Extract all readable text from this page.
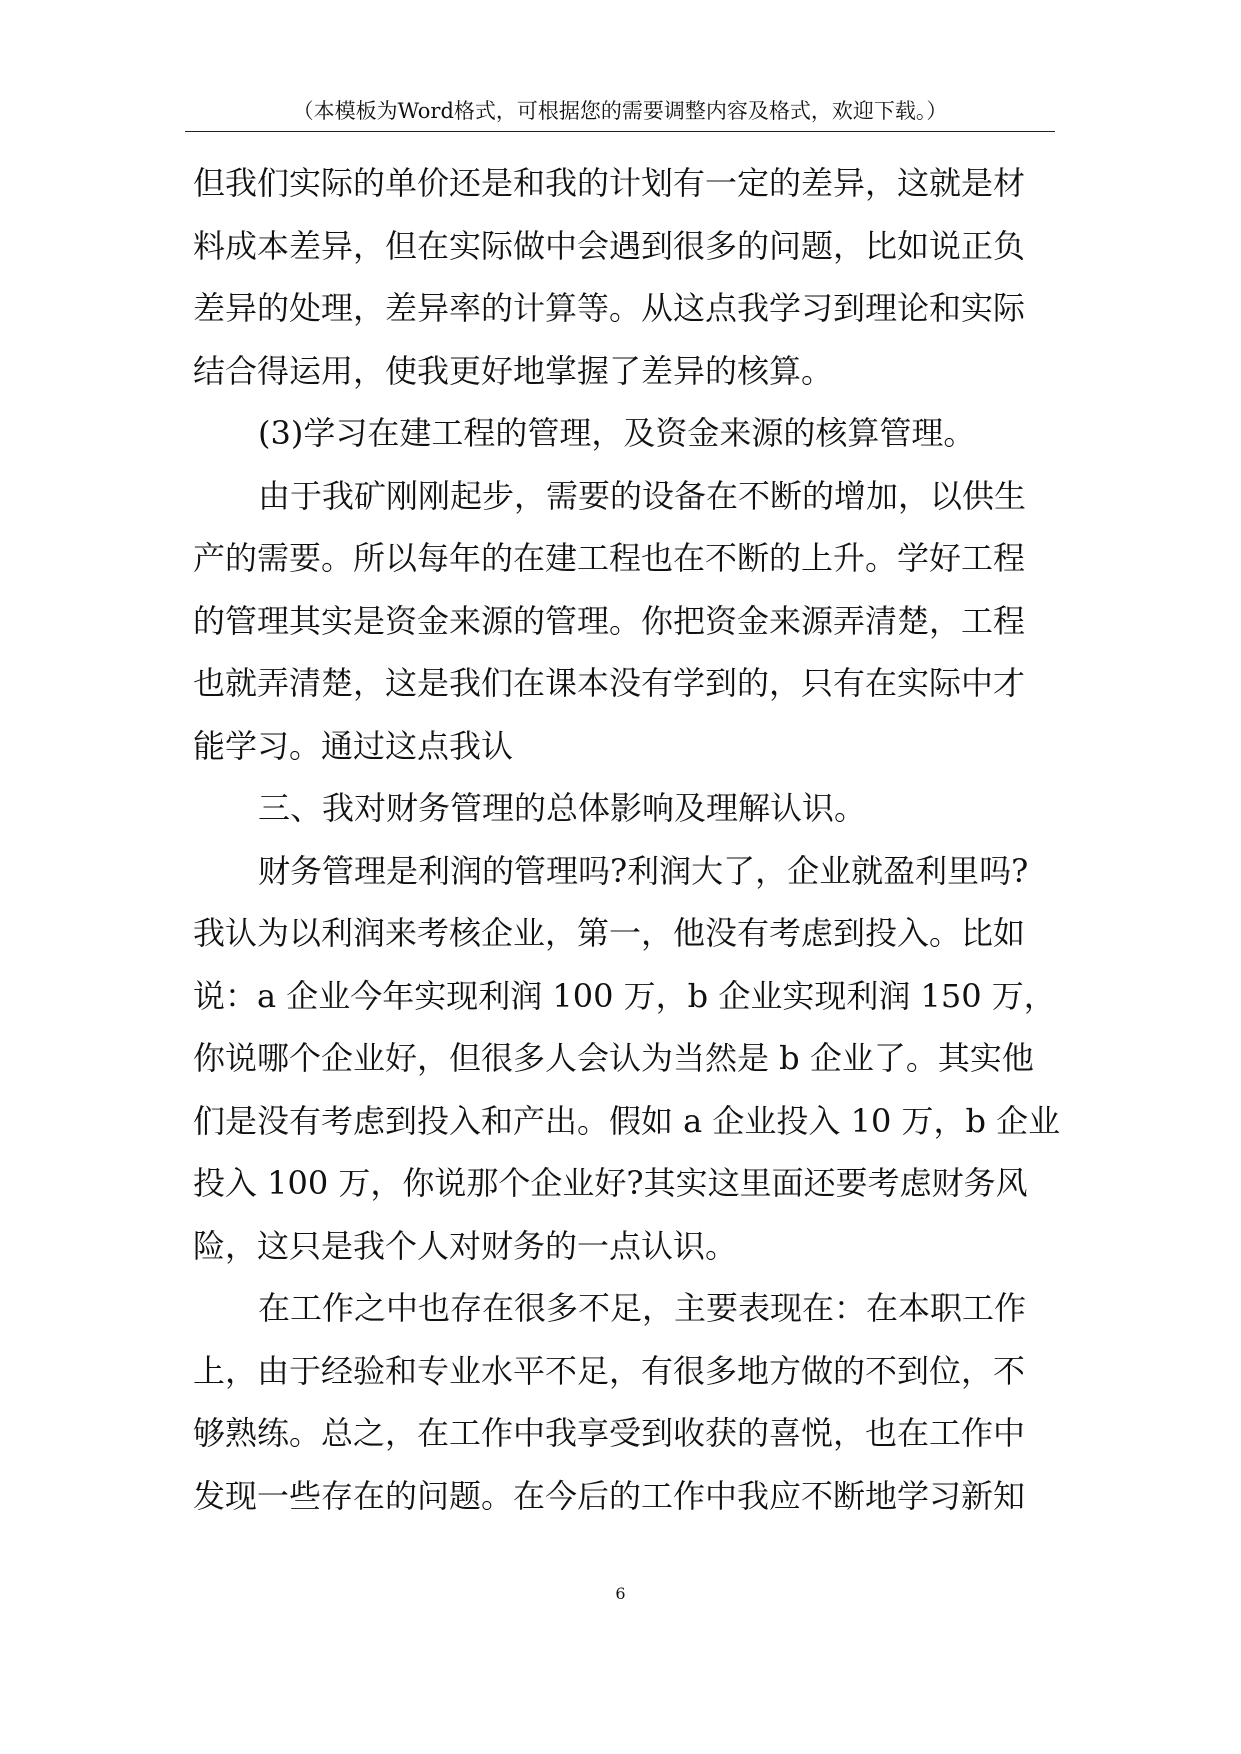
（本模板为Word格式，可根据您的需要调整内容及格式，欢迎下载。）
但我们实际的单价还是和我的计划有一定的差异，这就是材
料成本差异，但在实际做中会遇到很多的问题，比如说正负
差异的处理，差异率的计算等。从这点我学习到理论和实际
结合得运用，使我更好地掌握了差异的核算。
(3)学习在建工程的管理，及资金来源的核算管理。
由于我矿刚刚起步，需要的设备在不断的增加，以供生
产的需要。所以每年的在建工程也在不断的上升。学好工程
的管理其实是资金来源的管理。你把资金来源弄清楚，工程
也就弄清楚，这是我们在课本没有学到的，只有在实际中才
能学习。通过这点我认
三、我对财务管理的总体影响及理解认识。
财务管理是利润的管理吗?利润大了，企业就盈利里吗?
我认为以利润来考核企业，第一，他没有考虑到投入。比如
说：a 企业今年实现利润 100 万，b 企业实现利润 150 万，
你说哪个企业好，但很多人会认为当然是 b 企业了。其实他
们是没有考虑到投入和产出。假如 a 企业投入 10 万，b 企业
投入 100 万，你说那个企业好?其实这里面还要考虑财务风
险，这只是我个人对财务的一点认识。
在工作之中也存在很多不足，主要表现在：在本职工作
上，由于经验和专业水平不足，有很多地方做的不到位，不
够熟练。总之，在工作中我享受到收获的喜悦，也在工作中
发现一些存在的问题。在今后的工作中我应不断地学习新知
6
